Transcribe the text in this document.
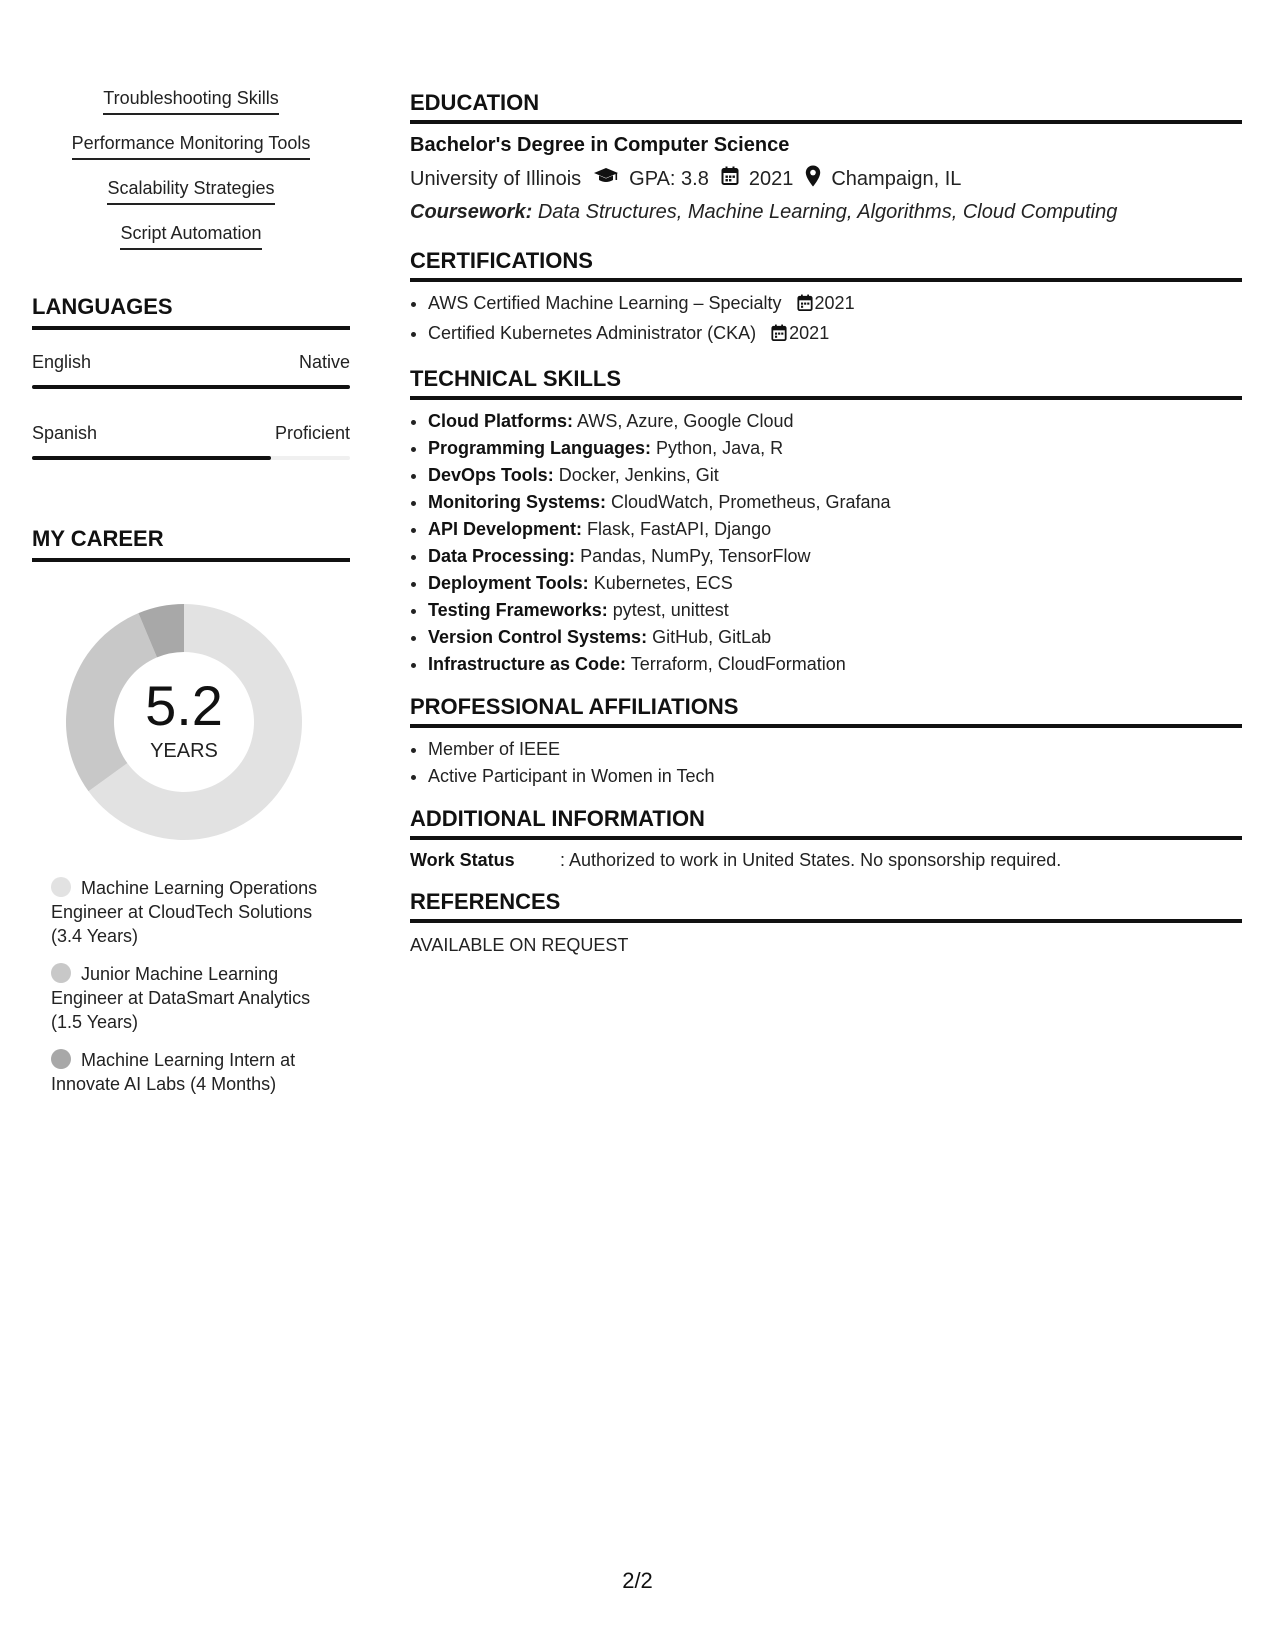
Troubleshooting Skills
Performance Monitoring Tools
Scalability Strategies
Script Automation
LANGUAGES
English	Native
Spanish	Proficient
MY CAREER
5.2
YEARS
Machine Learning Operations Engineer at CloudTech Solutions (3.4 Years)
Junior Machine Learning Engineer at DataSmart Analytics (1.5 Years)
Machine Learning Intern at Innovate AI Labs (4 Months)
EDUCATION
Bachelor's Degree in Computer Science
University of Illinois GPA: 3.8 2021 Champaign, IL
Coursework: Data Structures, Machine Learning, Algorithms, Cloud Computing
CERTIFICATIONS
• AWS Certified Machine Learning – Specialty 2021
• Certified Kubernetes Administrator (CKA) 2021
TECHNICAL SKILLS
• Cloud Platforms: AWS, Azure, Google Cloud
• Programming Languages: Python, Java, R
• DevOps Tools: Docker, Jenkins, Git
• Monitoring Systems: CloudWatch, Prometheus, Grafana
• API Development: Flask, FastAPI, Django
• Data Processing: Pandas, NumPy, TensorFlow
• Deployment Tools: Kubernetes, ECS
• Testing Frameworks: pytest, unittest
• Version Control Systems: GitHub, GitLab
• Infrastructure as Code: Terraform, CloudFormation
PROFESSIONAL AFFILIATIONS
• Member of IEEE
• Active Participant in Women in Tech
ADDITIONAL INFORMATION
Work Status	: Authorized to work in United States. No sponsorship required.
REFERENCES
AVAILABLE ON REQUEST
2/2
